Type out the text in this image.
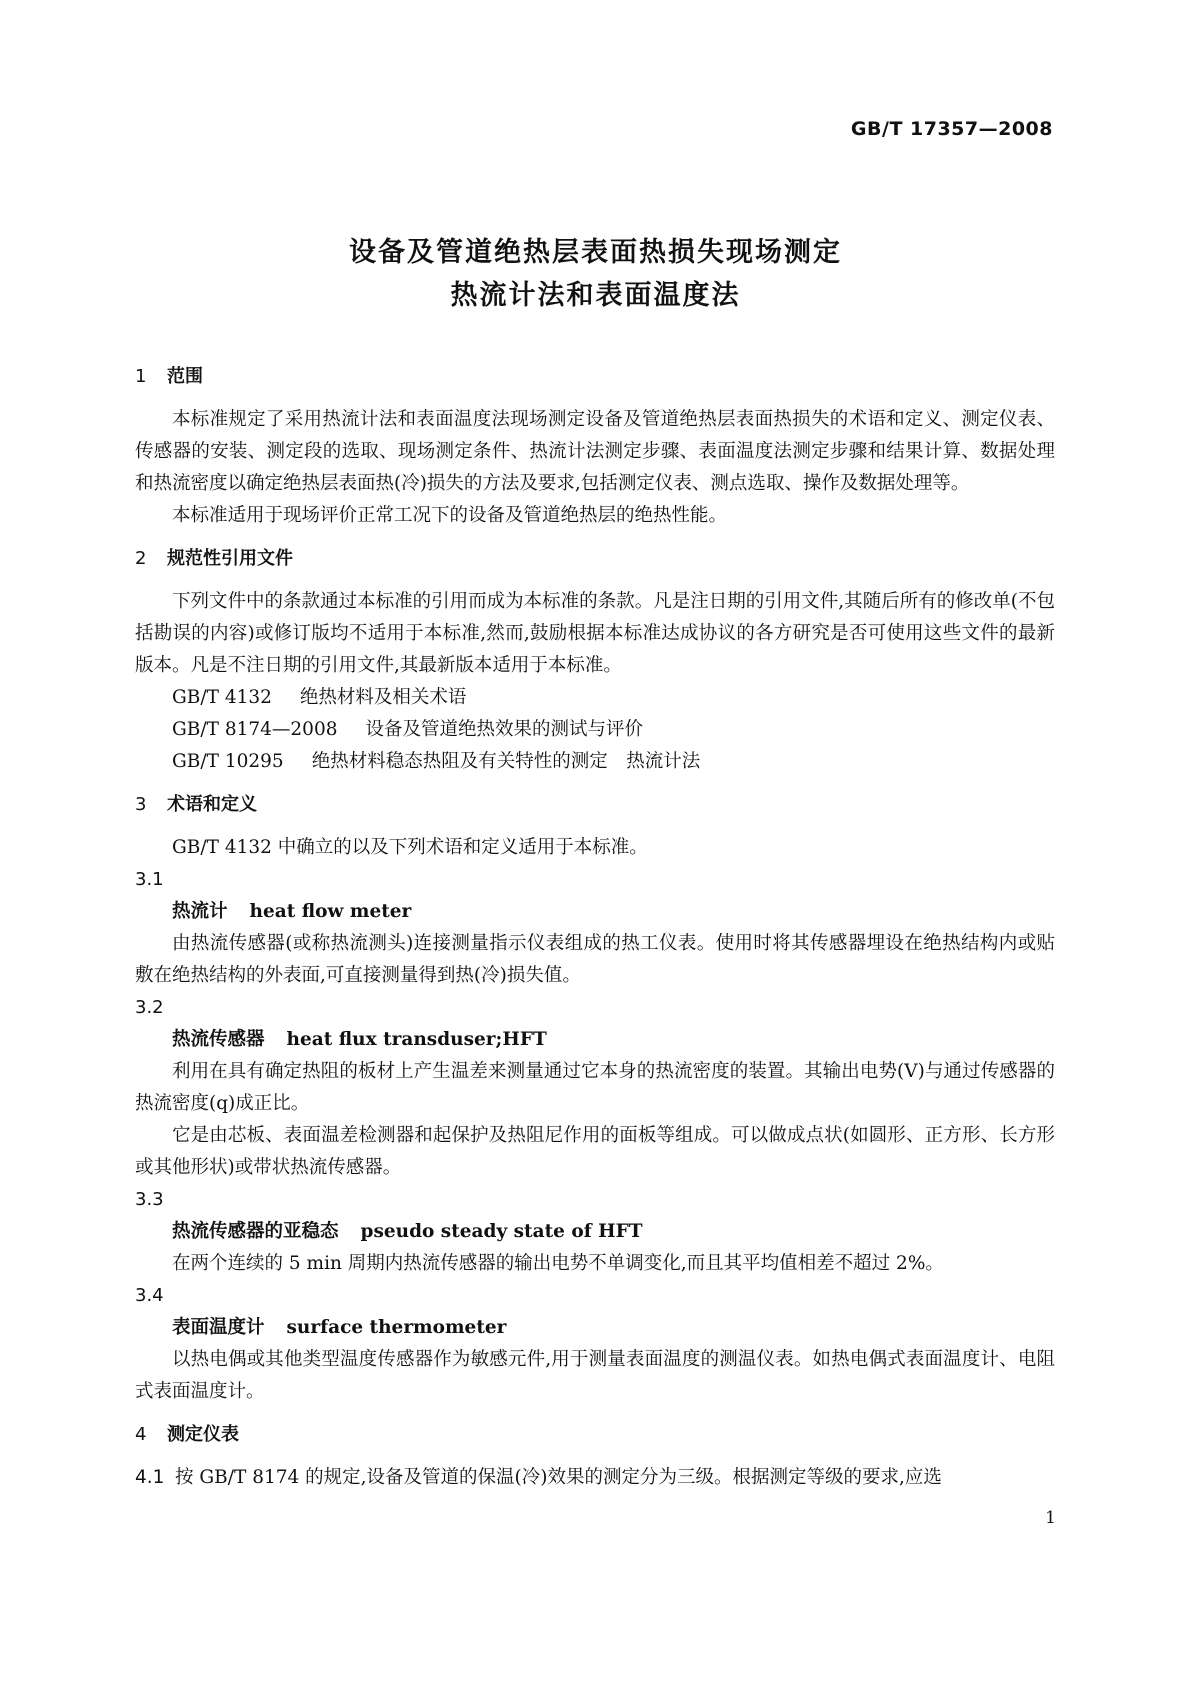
GB/T 17357—2008
设备及管道绝热层表面热损失现场测定
热流计法和表面温度法
1 范围

本标准规定了采用热流计法和表面温度法现场测定设备及管道绝热层表面热损失的术语和定义、测定仪表、传感器的安装、测定段的选取、现场测定条件、热流计法测定步骤、表面温度法测定步骤和结果计算、数据处理和热流密度以确定绝热层表面热(冷)损失的方法及要求,包括测定仪表、测点选取、操作及数据处理等。

本标准适用于现场评价正常工况下的设备及管道绝热层的绝热性能。

2 规范性引用文件

下列文件中的条款通过本标准的引用而成为本标准的条款。凡是注日期的引用文件,其随后所有的修改单(不包括勘误的内容)或修订版均不适用于本标准,然而,鼓励根据本标准达成协议的各方研究是否可使用这些文件的最新版本。凡是不注日期的引用文件,其最新版本适用于本标准。

GB/T 4132 绝热材料及相关术语
GB/T 8174—2008 设备及管道绝热效果的测试与评价
GB/T 10295 绝热材料稳态热阻及有关特性的测定　热流计法
3 术语和定义

GB/T 4132 中确立的以及下列术语和定义适用于本标准。

3.1
热流计 heat flow meter

由热流传感器(或称热流测头)连接测量指示仪表组成的热工仪表。使用时将其传感器埋设在绝热结构内或贴敷在绝热结构的外表面,可直接测量得到热(冷)损失值。

3.2
热流传感器 heat flux transduser;HFT

利用在具有确定热阻的板材上产生温差来测量通过它本身的热流密度的装置。其输出电势(V)与通过传感器的热流密度(q)成正比。

它是由芯板、表面温差检测器和起保护及热阻尼作用的面板等组成。可以做成点状(如圆形、正方形、长方形或其他形状)或带状热流传感器。

3.3
热流传感器的亚稳态 pseudo steady state of HFT

在两个连续的 5 min 周期内热流传感器的输出电势不单调变化,而且其平均值相差不超过 2%。

3.4
表面温度计 surface thermometer

以热电偶或其他类型温度传感器作为敏感元件,用于测量表面温度的测温仪表。如热电偶式表面温度计、电阻式表面温度计。

4 测定仪表
4.1 按 GB/T 8174 的规定,设备及管道的保温(冷)效果的测定分为三级。根据测定等级的要求,应选
1
